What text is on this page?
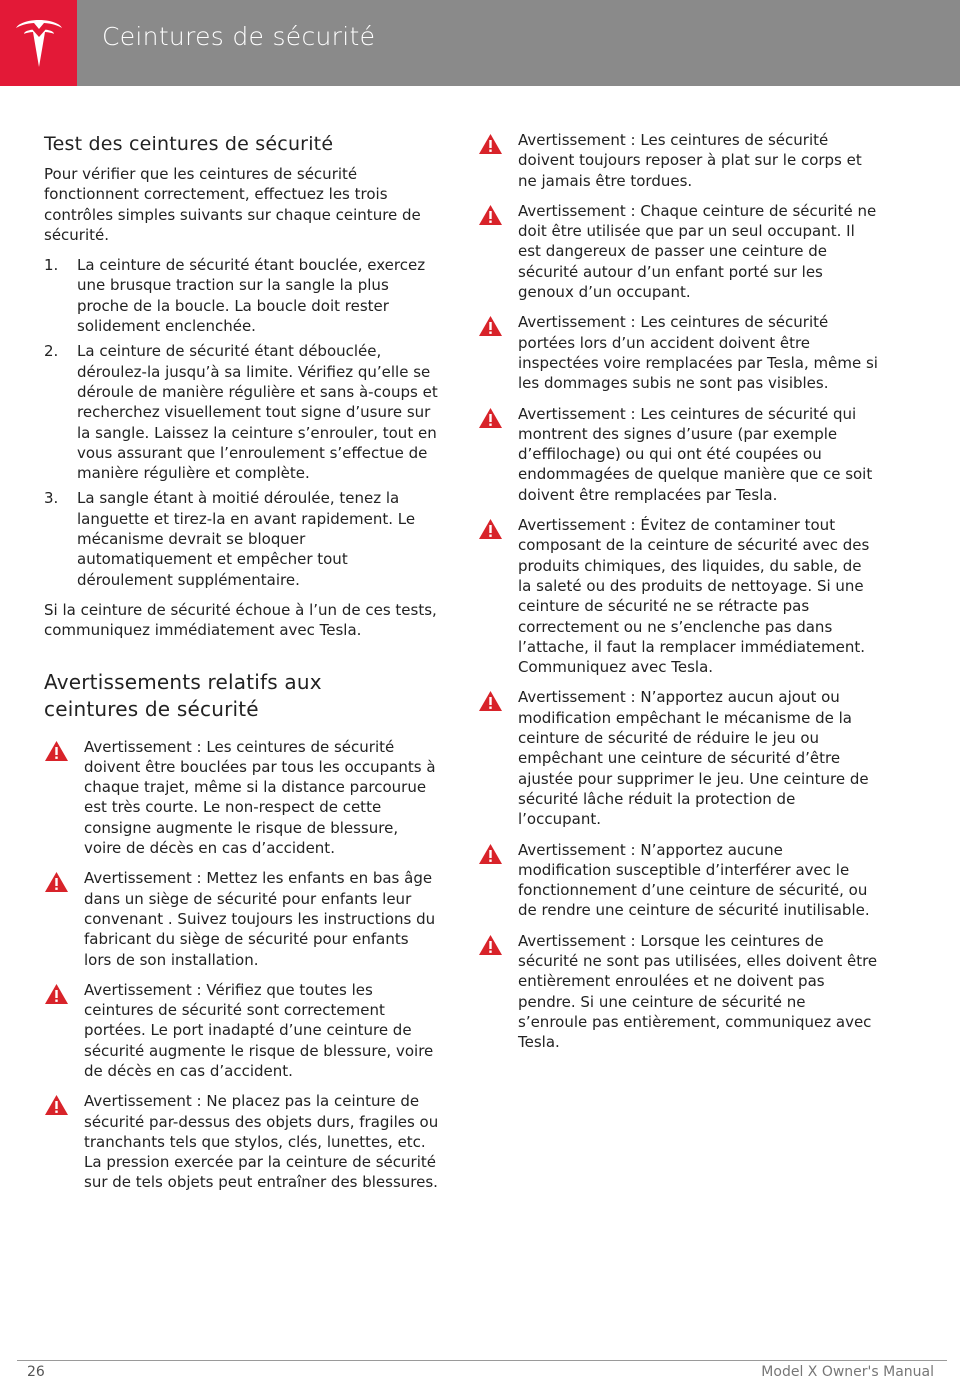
Ceintures de sécurité
Test des ceintures de sécurité

Pour vérifier que les ceintures de sécurité fonctionnent correctement, effectuez les trois contrôles simples suivants sur chaque ceinture de sécurité.

1. La ceinture de sécurité étant bouclée, exercez une brusque traction sur la sangle la plus proche de la boucle. La boucle doit rester solidement enclenchée.
2. La ceinture de sécurité étant débouclée, déroulez-la jusqu’à sa limite. Vérifiez qu’elle se déroule de manière régulière et sans à-coups et recherchez visuellement tout signe d’usure sur la sangle. Laissez la ceinture s’enrouler, tout en vous assurant que l’enroulement s’effectue de manière régulière et complète.
3. La sangle étant à moitié déroulée, tenez la languette et tirez-la en avant rapidement. Le mécanisme devrait se bloquer automatiquement et empêcher tout déroulement supplémentaire.

Si la ceinture de sécurité échoue à l’un de ces tests, communiquez immédiatement avec Tesla.

Avertissements relatifs aux
ceintures de sécurité
Avertissement : Les ceintures de sécurité doivent être bouclées par tous les occupants à chaque trajet, même si la distance parcourue est très courte. Le non-respect de cette consigne augmente le risque de blessure, voire de décès en cas d’accident.
Avertissement : Mettez les enfants en bas âge dans un siège de sécurité pour enfants leur convenant . Suivez toujours les instructions du fabricant du siège de sécurité pour enfants lors de son installation.
Avertissement : Vérifiez que toutes les ceintures de sécurité sont correctement portées. Le port inadapté d’une ceinture de sécurité augmente le risque de blessure, voire de décès en cas d’accident.
Avertissement : Ne placez pas la ceinture de sécurité par-dessus des objets durs, fragiles ou tranchants tels que stylos, clés, lunettes, etc. La pression exercée par la ceinture de sécurité sur de tels objets peut entraîner des blessures.
Avertissement : Les ceintures de sécurité doivent toujours reposer à plat sur le corps et ne jamais être tordues.
Avertissement : Chaque ceinture de sécurité ne doit être utilisée que par un seul occupant. Il est dangereux de passer une ceinture de sécurité autour d’un enfant porté sur les genoux d’un occupant.
Avertissement : Les ceintures de sécurité portées lors d’un accident doivent être inspectées voire remplacées par Tesla, même si les dommages subis ne sont pas visibles.
Avertissement : Les ceintures de sécurité qui montrent des signes d’usure (par exemple d’effilochage) ou qui ont été coupées ou endommagées de quelque manière que ce soit doivent être remplacées par Tesla.
Avertissement : Évitez de contaminer tout composant de la ceinture de sécurité avec des produits chimiques, des liquides, du sable, de la saleté ou des produits de nettoyage. Si une ceinture de sécurité ne se rétracte pas correctement ou ne s’enclenche pas dans l’attache, il faut la remplacer immédiatement. Communiquez avec Tesla.
Avertissement : N’apportez aucun ajout ou modification empêchant le mécanisme de la ceinture de sécurité de réduire le jeu ou empêchant une ceinture de sécurité d’être ajustée pour supprimer le jeu. Une ceinture de sécurité lâche réduit la protection de l’occupant.
Avertissement : N’apportez aucune modification susceptible d’interférer avec le fonctionnement d’une ceinture de sécurité, ou de rendre une ceinture de sécurité inutilisable.
Avertissement : Lorsque les ceintures de sécurité ne sont pas utilisées, elles doivent être entièrement enroulées et ne doivent pas pendre. Si une ceinture de sécurité ne s’enroule pas entièrement, communiquez avec Tesla.
26	Model X Owner's Manual
